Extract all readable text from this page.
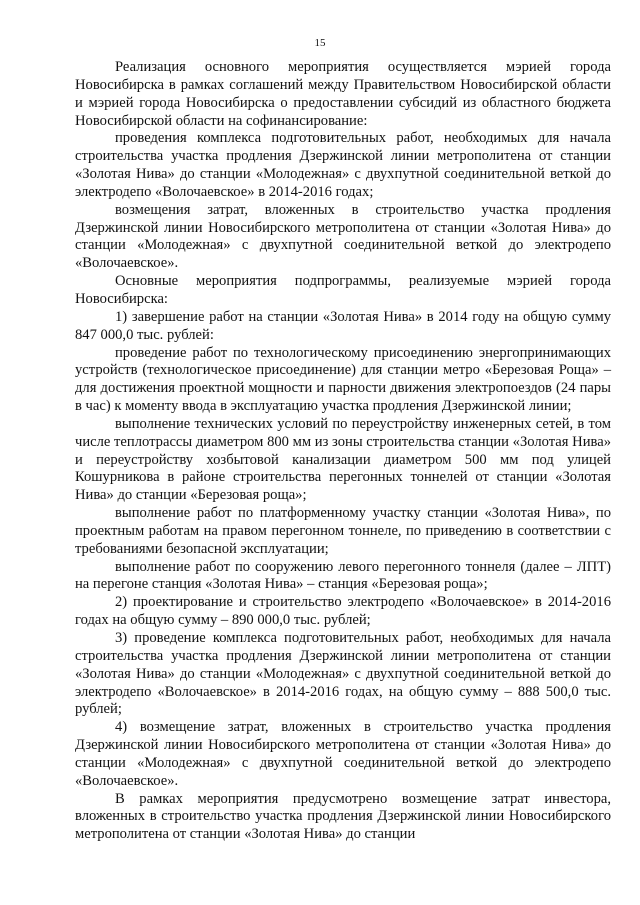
15

Реализация основного мероприятия осуществляется мэрией города Новосибирска в рамках соглашений между Правительством Новосибирской области и мэрией города Новосибирска о предоставлении субсидий из областного бюджета Новосибирской области на софинансирование:

проведения комплекса подготовительных работ, необходимых для начала строительства участка продления Дзержинской линии метрополитена от станции «Золотая Нива» до станции «Молодежная» с двухпутной соединительной веткой до электродепо «Волочаевское» в 2014-2016 годах;

возмещения затрат, вложенных в строительство участка продления Дзержинской линии Новосибирского метрополитена от станции «Золотая Нива» до станции «Молодежная» с двухпутной соединительной веткой до электродепо «Волочаевское».

Основные мероприятия подпрограммы, реализуемые мэрией города Новосибирска:

1) завершение работ на станции «Золотая Нива» в 2014 году на общую сумму 847 000,0 тыс. рублей:

проведение работ по технологическому присоединению энергопринимающих устройств (технологическое присоединение) для станции метро «Березовая Роща» – для достижения проектной мощности и парности движения электропоездов (24 пары в час) к моменту ввода в эксплуатацию участка продления Дзержинской линии;

выполнение технических условий по переустройству инженерных сетей, в том числе теплотрассы диаметром 800 мм из зоны строительства станции «Золотая Нива» и переустройству хозбытовой канализации диаметром 500 мм под улицей Кошурникова в районе строительства перегонных тоннелей от станции «Золотая Нива» до станции «Березовая роща»;

выполнение работ по платформенному участку станции «Золотая Нива», по проектным работам на правом перегонном тоннеле, по приведению в соответствии с требованиями безопасной эксплуатации;

выполнение работ по сооружению левого перегонного тоннеля (далее – ЛПТ) на перегоне станция «Золотая Нива» – станция «Березовая роща»;

2) проектирование и строительство электродепо «Волочаевское» в 2014-2016 годах на общую сумму – 890 000,0 тыс. рублей;

3) проведение комплекса подготовительных работ, необходимых для начала строительства участка продления Дзержинской линии метрополитена от станции «Золотая Нива» до станции «Молодежная» с двухпутной соединительной веткой до электродепо «Волочаевское» в 2014-2016 годах, на общую сумму – 888 500,0 тыс. рублей;

4) возмещение затрат, вложенных в строительство участка продления Дзержинской линии Новосибирского метрополитена от станции «Золотая Нива» до станции «Молодежная» с двухпутной соединительной веткой до электродепо «Волочаевское».

В рамках мероприятия предусмотрено возмещение затрат инвестора, вложенных в строительство участка продления Дзержинской линии Новосибирского метрополитена от станции «Золотая Нива» до станции
